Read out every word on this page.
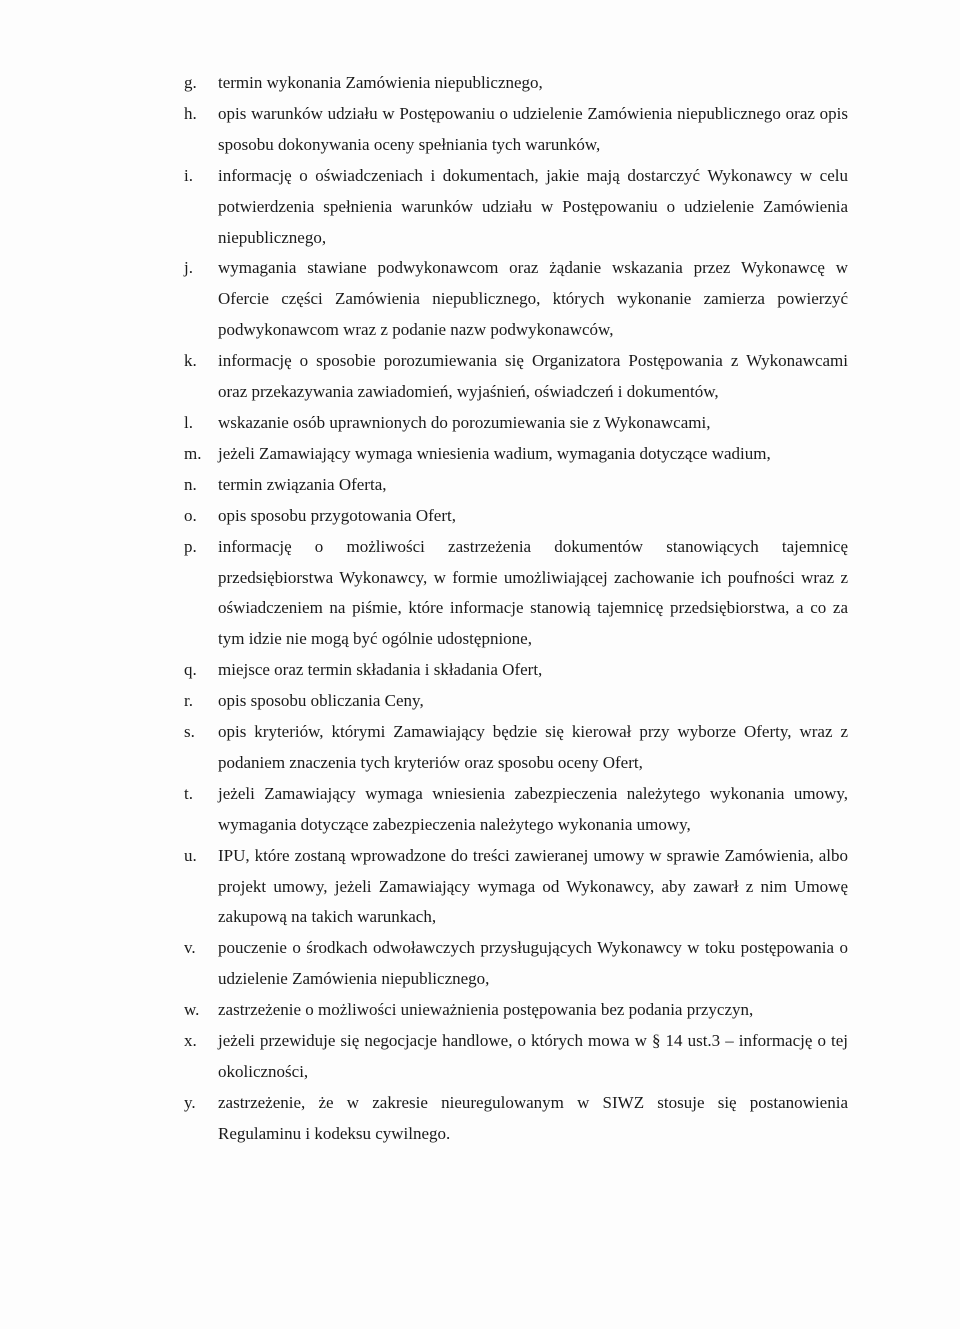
g.	termin wykonania Zamówienia niepublicznego,
h.	opis warunków udziału w Postępowaniu o udzielenie Zamówienia niepublicznego oraz opis sposobu dokonywania oceny spełniania tych warunków,
i.	informację o oświadczeniach i dokumentach, jakie mają dostarczyć Wykonawcy w celu potwierdzenia spełnienia warunków udziału w Postępowaniu o udzielenie Zamówienia niepublicznego,
j.	wymagania stawiane podwykonawcom oraz żądanie wskazania przez Wykonawcę w Ofercie części Zamówienia niepublicznego, których wykonanie zamierza powierzyć podwykonawcom wraz z podanie nazw podwykonawców,
k.	informację o sposobie porozumiewania się Organizatora Postępowania z Wykonawcami oraz przekazywania zawiadomień, wyjaśnień, oświadczeń i dokumentów,
l.	wskazanie osób uprawnionych do porozumiewania sie z Wykonawcami,
m. jeżeli Zamawiający wymaga wniesienia wadium, wymagania dotyczące wadium,
n.	termin związania Oferta,
o.	opis sposobu przygotowania Ofert,
p.	informację o możliwości zastrzeżenia dokumentów stanowiących tajemnicę przedsiębiorstwa Wykonawcy, w formie umożliwiającej zachowanie ich poufności wraz z oświadczeniem na piśmie, które informacje stanowią tajemnicę przedsiębiorstwa, a co za tym idzie nie mogą być ogólnie udostępnione,
q.	miejsce oraz termin składania i składania Ofert,
r.	opis sposobu obliczania Ceny,
s.	opis kryteriów, którymi Zamawiający będzie się kierował przy wyborze Oferty, wraz z podaniem znaczenia tych kryteriów oraz sposobu oceny Ofert,
t.	jeżeli Zamawiający wymaga wniesienia zabezpieczenia należytego wykonania umowy, wymagania dotyczące zabezpieczenia należytego wykonania umowy,
u.	IPU, które zostaną wprowadzone do treści zawieranej umowy w sprawie Zamówienia, albo projekt umowy, jeżeli Zamawiający wymaga od Wykonawcy, aby zawarł z nim Umowę zakupową na takich warunkach,
v.	pouczenie o środkach odwoławczych przysługujących Wykonawcy w toku postępowania o udzielenie Zamówienia niepublicznego,
w.	zastrzeżenie o możliwości unieważnienia postępowania bez podania przyczyn,
x.	jeżeli przewiduje się negocjacje handlowe, o których mowa w § 14 ust.3 – informację o tej okoliczności,
y.	zastrzeżenie, że w zakresie nieuregulowanym w SIWZ stosuje się postanowienia Regulaminu i kodeksu cywilnego.
